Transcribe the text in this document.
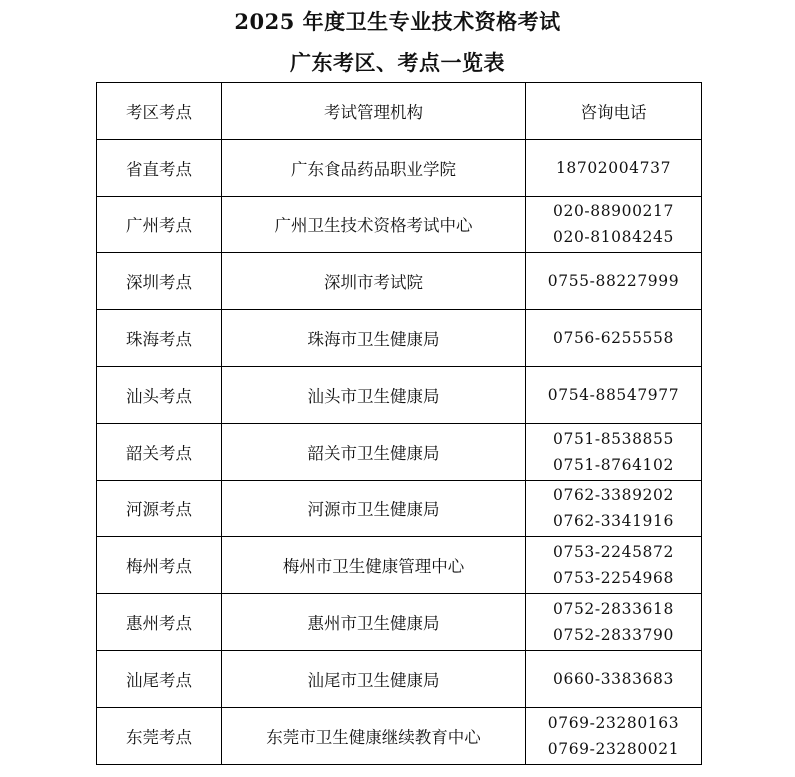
2025 年度卫生专业技术资格考试
广东考区、考点一览表
考区考点	考试管理机构	咨询电话
省直考点	广东食品药品职业学院	18702004737

广州考点	广州卫生技术资格考试中心	020-88900217
020-81084245

深圳考点	深圳市考试院	0755-88227999

珠海考点	珠海市卫生健康局	0756-6255558

汕头考点	汕头市卫生健康局	0754-88547977

韶关考点	韶关市卫生健康局	0751-8538855
0751-8764102

河源考点	河源市卫生健康局	0762-3389202
0762-3341916

梅州考点	梅州市卫生健康管理中心	0753-2245872
0753-2254968

惠州考点	惠州市卫生健康局	0752-2833618
0752-2833790

汕尾考点	汕尾市卫生健康局	0660-3383683

东莞考点	东莞市卫生健康继续教育中心	0769-23280163
0769-23280021
